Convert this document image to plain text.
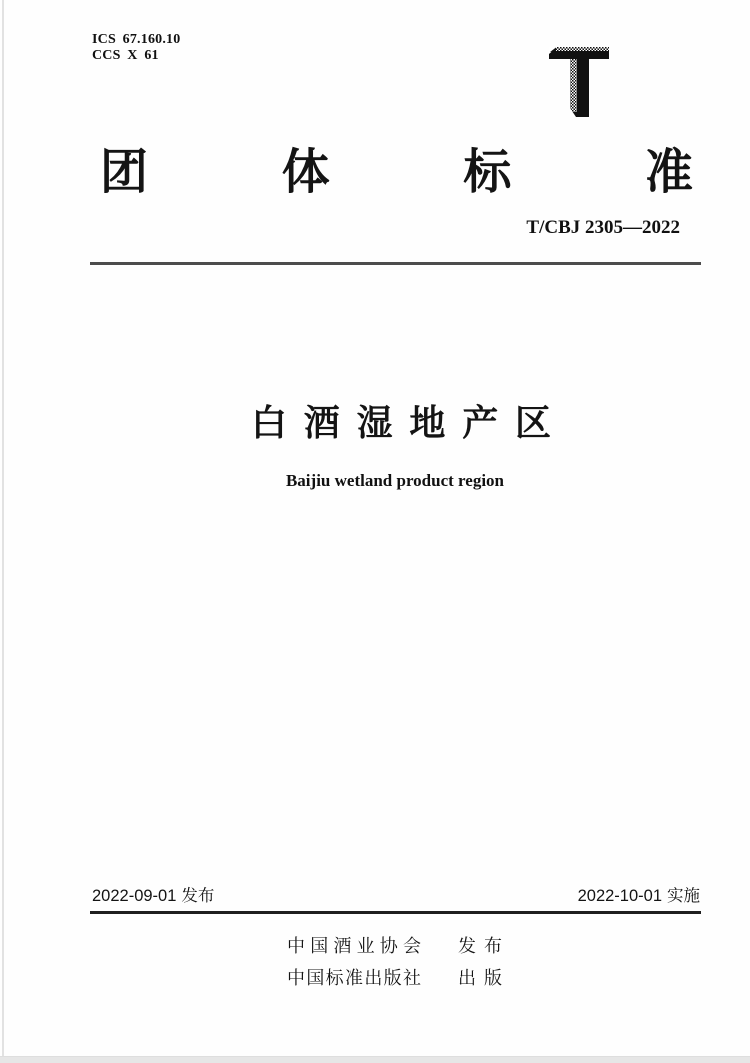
ICS 67.160.10
CCS X 61
团	体	标	准
T/CBJ 2305—2022
白 酒 湿 地 产 区
Baijiu wetland product region
2022-09-01 发布	2022-10-01 实施
中 国 酒 业 协 会 发 布
中 国 标 准 出 版 社 出 版
